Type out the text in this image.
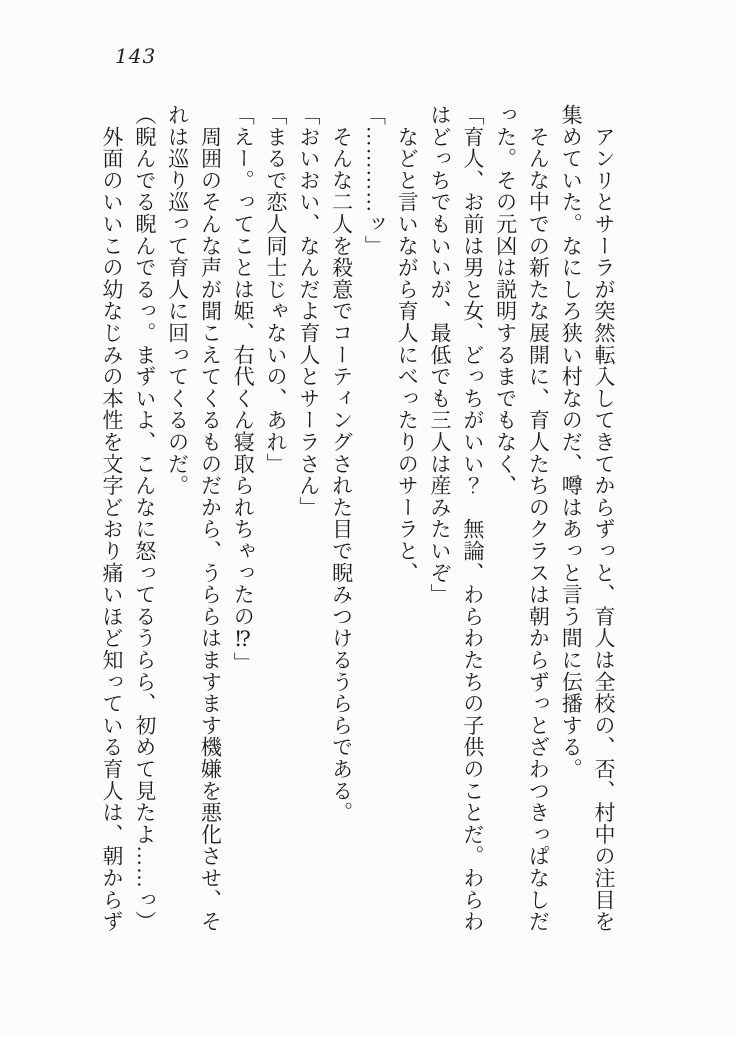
143

　アンリとサーラが突然転入してきてからずっと、育人は全校の、否、村中の注目を集めていた。なにしろ狭い村なのだ、噂はあっと言う間に伝播する。

　そんな中での新たな展開に、育人たちのクラスは朝からずっとざわつきっぱなしだった。その元凶は説明するまでもなく、

「育人、お前は男と女、どっちがいい？　無論、わらわたちの子供のことだ。わらわはどっちでもいいが、最低でも三人は産みたいぞ」

　などと言いながら育人にべったりのサーラと、

「…………ッ」

　そんな二人を殺意でコーティングされた目で睨みつけるうららである。

「おいおい、なんだよ育人とサーラさん」

「まるで恋人同士じゃないの、あれ」

「えー。ってことは姫、右代くん寝取られちゃったの⁉」

　周囲のそんな声が聞こえてくるものだから、うららはますます機嫌を悪化させ、それは巡り巡って育人に回ってくるのだ。

（睨んでる睨んでるっ。まずいよ、こんなに怒ってるうらら、初めて見たよ……っ）

　外面のいいこの幼なじみの本性を文字どおり痛いほど知っている育人は、朝からず
